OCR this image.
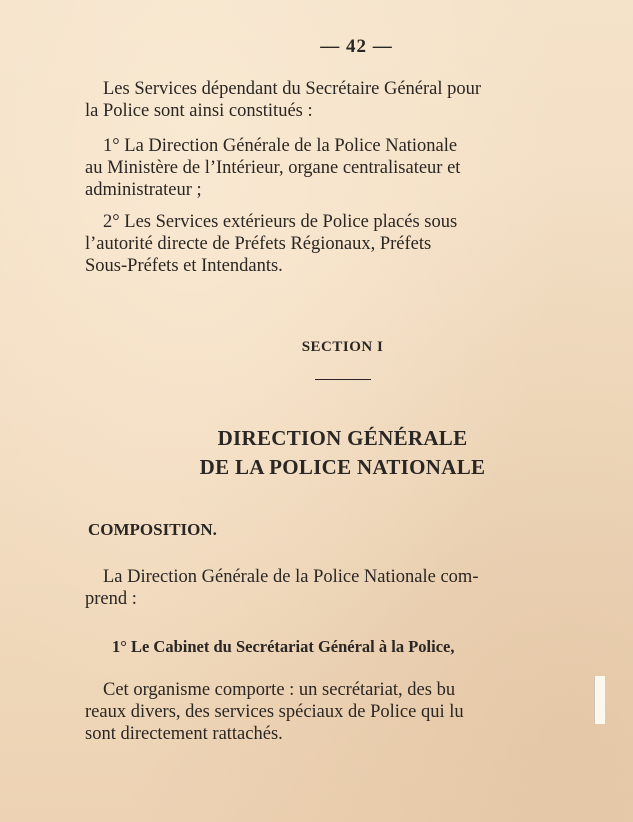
— 42 —

Les Services dépendant du Secrétaire Général pour
la Police sont ainsi constitués :

1° La Direction Générale de la Police Nationale
au Ministère de l’Intérieur, organe centralisateur et
administrateur ;

2° Les Services extérieurs de Police placés sous
l’autorité directe de Préfets Régionaux, Préfets
Sous-Préfets et Intendants.

SECTION I
DIRECTION GÉNÉRALE
DE LA POLICE NATIONALE
COMPOSITION.

La Direction Générale de la Police Nationale com-
prend :

1° Le Cabinet du Secrétariat Général à la Police,

Cet organisme comporte : un secrétariat, des bu
reaux divers, des services spéciaux de Police qui lu
sont directement rattachés.
